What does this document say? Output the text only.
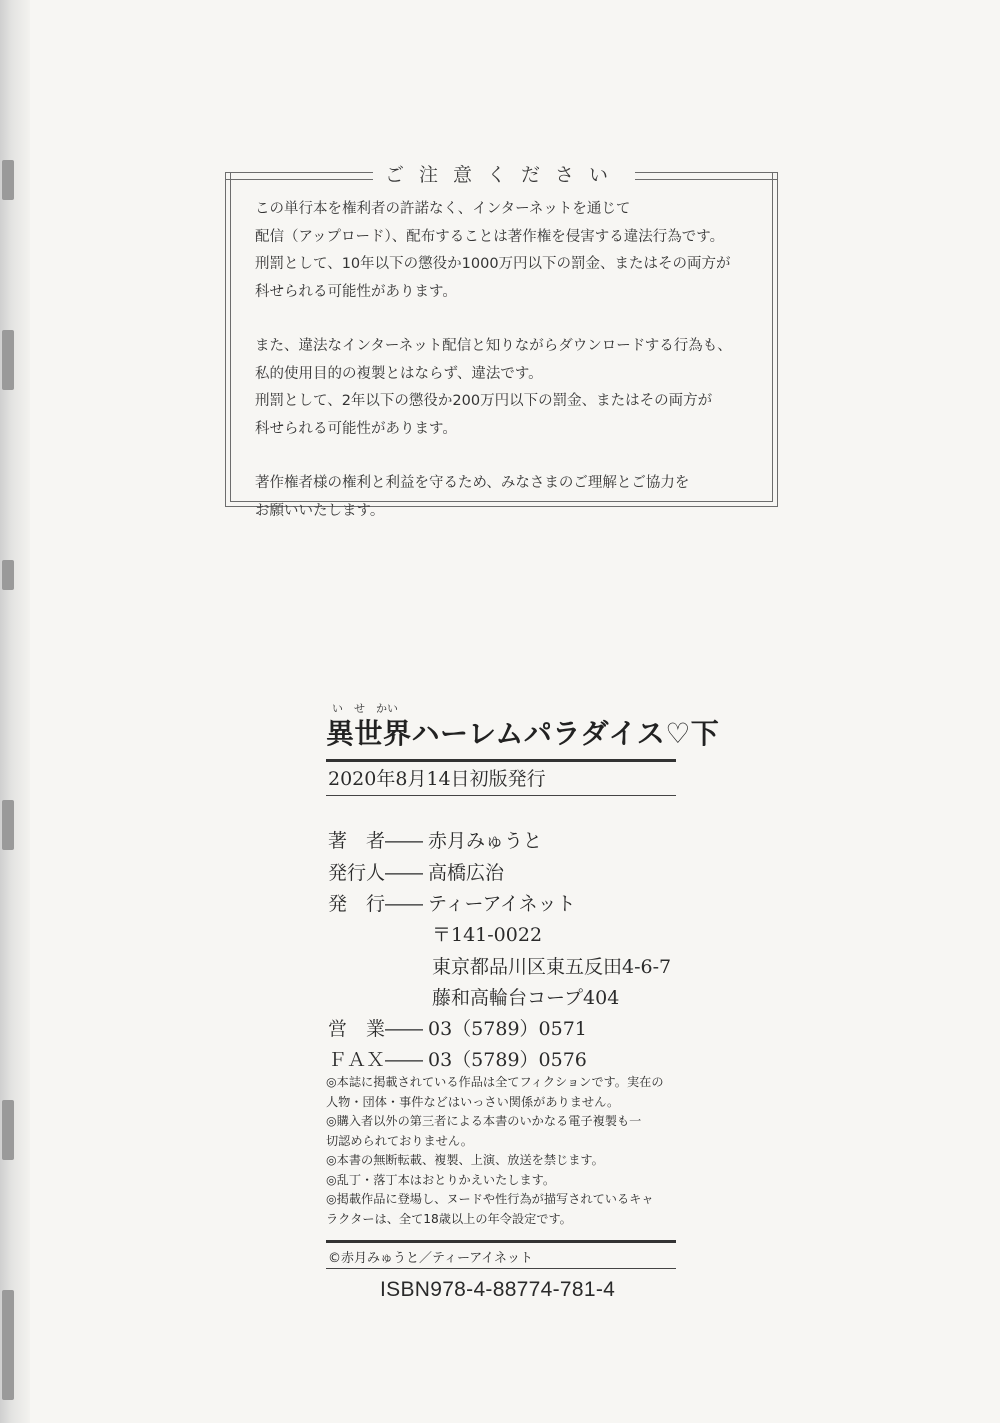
ご注意ください

この単行本を権利者の許諾なく、インターネットを通じて
配信（アップロード）、配布することは著作権を侵害する違法行為です。
刑罰として、10年以下の懲役か1000万円以下の罰金、またはその両方が
科せられる可能性があります。

また、違法なインターネット配信と知りながらダウンロードする行為も、
私的使用目的の複製とはならず、違法です。
刑罰として、2年以下の懲役か200万円以下の罰金、またはその両方が
科せられる可能性があります。

著作権者様の権利と利益を守るため、みなさまのご理解とご協力を
お願いいたします。

い　せ　かい
異世界ハーレムパラダイス♡下
2020年8月14日初版発行
著　者―― 赤月みゅうと
発行人―― 高橋広治
発　行―― ティーアイネット
〒141-0022
東京都品川区東五反田4-6-7
藤和高輪台コープ404
営　業―― 03（5789）0571
ＦＡＸ―― 03（5789）0576
◎本誌に掲載されている作品は全てフィクションです。実在の
人物・団体・事件などはいっさい関係がありません。
◎購入者以外の第三者による本書のいかなる電子複製も一
切認められておりません。
◎本書の無断転載、複製、上演、放送を禁じます。
◎乱丁・落丁本はおとりかえいたします。
◎掲載作品に登場し、ヌードや性行為が描写されているキャ
ラクターは、全て18歳以上の年令設定です。
©赤月みゅうと／ティーアイネット
ISBN978-4-88774-781-4
